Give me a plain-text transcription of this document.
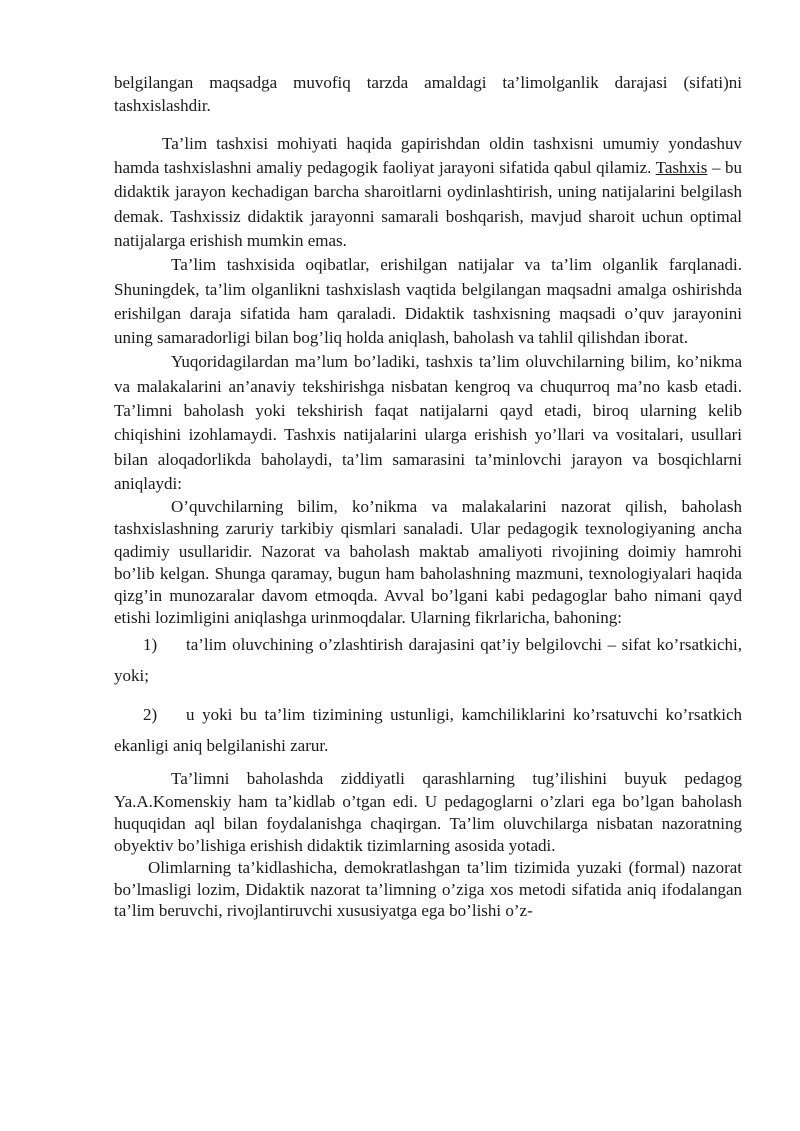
belgilangan maqsadga muvofiq tarzda amaldagi ta’limolganlik darajasi (sifati)ni tashxislashdir.

Ta’lim tashxisi mohiyati haqida gapirishdan oldin tashxisni umumiy yondashuv hamda tashxislashni amaliy pedagogik faoliyat jarayoni sifatida qabul qilamiz. Tashxis – bu didaktik jarayon kechadigan barcha sharoitlarni oydinlashtirish, uning natijalarini belgilash demak. Tashxissiz didaktik jarayonni samarali boshqarish, mavjud sharoit uchun optimal natijalarga erishish mumkin emas.

Ta’lim tashxisida oqibatlar, erishilgan natijalar va ta’lim olganlik farqlanadi. Shuningdek, ta’lim olganlikni tashxislash vaqtida belgilangan maqsadni amalga oshirishda erishilgan daraja sifatida ham qaraladi. Didaktik tashxisning maqsadi o’quv jarayonini uning samaradorligi bilan bog’liq holda aniqlash, baholash va tahlil qilishdan iborat.

Yuqoridagilardan ma’lum bo’ladiki, tashxis ta’lim oluvchilarning bilim, ko’nikma va malakalarini an’anaviy tekshirishga nisbatan kengroq va chuqurroq ma’no kasb etadi. Ta’limni baholash yoki tekshirish faqat natijalarni qayd etadi, biroq ularning kelib chiqishini izohlamaydi. Tashxis natijalarini ularga erishish yo’llari va vositalari, usullari bilan aloqadorlikda baholaydi, ta’lim samarasini ta’minlovchi jarayon va bosqichlarni aniqlaydi:

O’quvchilarning bilim, ko’nikma va malakalarini nazorat qilish, baholash tashxislashning zaruriy tarkibiy qismlari sanaladi. Ular pedagogik texnologiyaning ancha qadimiy usullaridir. Nazorat va baholash maktab amaliyoti rivojining doimiy hamrohi bo’lib kelgan. Shunga qaramay, bugun ham baholashning mazmuni, texnologiyalari haqida qizg’in munozaralar davom etmoqda. Avval bo’lgani kabi pedagoglar baho nimani qayd etishi lozimligini aniqlashga urinmoqdalar. Ularning fikrlaricha, bahoning:

1) ta’lim oluvchining o’zlashtirish darajasini qat’iy belgilovchi – sifat ko’rsatkichi, yoki;

2) u yoki bu ta’lim tizimining ustunligi, kamchiliklarini ko’rsatuvchi ko’rsatkich ekanligi aniq belgilanishi zarur.

Ta’limni baholashda ziddiyatli qarashlarning tug’ilishini buyuk pedagog Ya.A.Komenskiy ham ta’kidlab o’tgan edi. U pedagoglarni o’zlari ega bo’lgan baholash huquqidan aql bilan foydalanishga chaqirgan. Ta’lim oluvchilarga nisbatan nazoratning obyektiv bo’lishiga erishish didaktik tizimlarning asosida yotadi.

Olimlarning ta’kidlashicha, demokratlashgan ta’lim tizimida yuzaki (formal) nazorat bo’lmasligi lozim, Didaktik nazorat ta’limning o’ziga xos metodi sifatida aniq ifodalangan ta’lim beruvchi, rivojlantiruvchi xususiyatga ega bo’lishi o’z-
